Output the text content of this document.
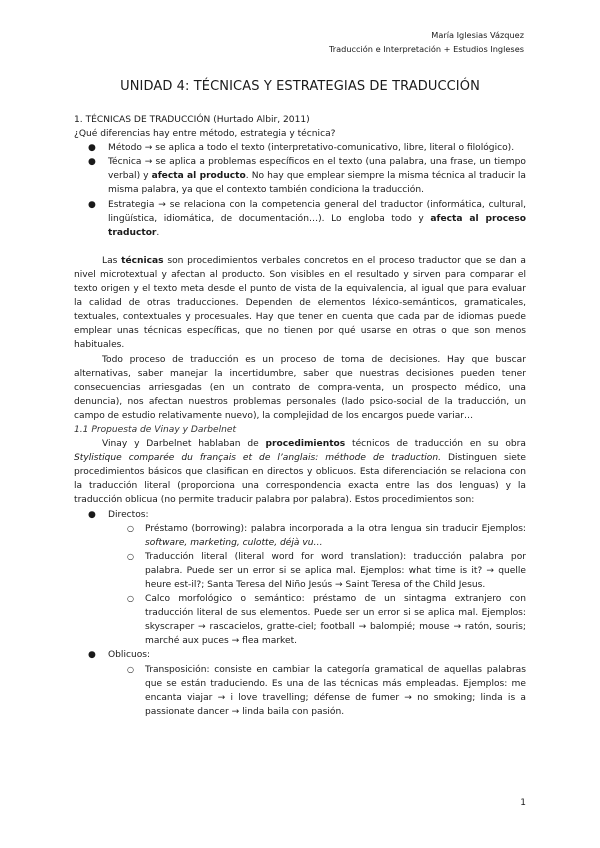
María Iglesias Vázquez
Traducción e Interpretación + Estudios Ingleses
UNIDAD 4: TÉCNICAS Y ESTRATEGIAS DE TRADUCCIÓN

1. TÉCNICAS DE TRADUCCIÓN (Hurtado Albir, 2011)

¿Qué diferencias hay entre método, estrategia y técnica?

● Método → se aplica a todo el texto (interpretativo-comunicativo, libre, literal o filológico).
● Técnica → se aplica a problemas específicos en el texto (una palabra, una frase, un tiempo verbal) y afecta al producto. No hay que emplear siempre la misma técnica al traducir la misma palabra, ya que el contexto también condiciona la traducción.
● Estrategia → se relaciona con la competencia general del traductor (informática, cultural, lingüística, idiomática, de documentación…). Lo engloba todo y afecta al proceso traductor.

Las técnicas son procedimientos verbales concretos en el proceso traductor que se dan a nivel microtextual y afectan al producto. Son visibles en el resultado y sirven para comparar el texto origen y el texto meta desde el punto de vista de la equivalencia, al igual que para evaluar la calidad de otras traducciones. Dependen de elementos léxico-semánticos, gramaticales, textuales, contextuales y procesuales. Hay que tener en cuenta que cada par de idiomas puede emplear unas técnicas específicas, que no tienen por qué usarse en otras o que son menos habituales.

Todo proceso de traducción es un proceso de toma de decisiones. Hay que buscar alternativas, saber manejar la incertidumbre, saber que nuestras decisiones pueden tener consecuencias arriesgadas (en un contrato de compra-venta, un prospecto médico, una denuncia), nos afectan nuestros problemas personales (lado psico-social de la traducción, un campo de estudio relativamente nuevo), la complejidad de los encargos puede variar…

1.1 Propuesta de Vinay y Darbelnet

Vinay y Darbelnet hablaban de procedimientos técnicos de traducción en su obra Stylistique comparée du français et de l’anglais: méthode de traduction. Distinguen siete procedimientos básicos que clasifican en directos y oblicuos. Esta diferenciación se relaciona con la traducción literal (proporciona una correspondencia exacta entre las dos lenguas) y la traducción oblicua (no permite traducir palabra por palabra). Estos procedimientos son:

● Directos:
○ Préstamo (borrowing): palabra incorporada a la otra lengua sin traducir Ejemplos: software, marketing, culotte, déjà vu…
○ Traducción literal (literal word for word translation): traducción palabra por palabra. Puede ser un error si se aplica mal. Ejemplos: what time is it? → quelle heure est-il?; Santa Teresa del Niño Jesús → Saint Teresa of the Child Jesus.
○ Calco morfológico o semántico: préstamo de un sintagma extranjero con traducción literal de sus elementos. Puede ser un error si se aplica mal. Ejemplos: skyscraper → rascacielos, gratte-ciel; football → balompié; mouse → ratón, souris; marché aux puces → flea market.
● Oblicuos:
○ Transposición: consiste en cambiar la categoría gramatical de aquellas palabras que se están traduciendo. Es una de las técnicas más empleadas. Ejemplos: me encanta viajar → i love travelling; défense de fumer → no smoking; linda is a passionate dancer → linda baila con pasión.
1
